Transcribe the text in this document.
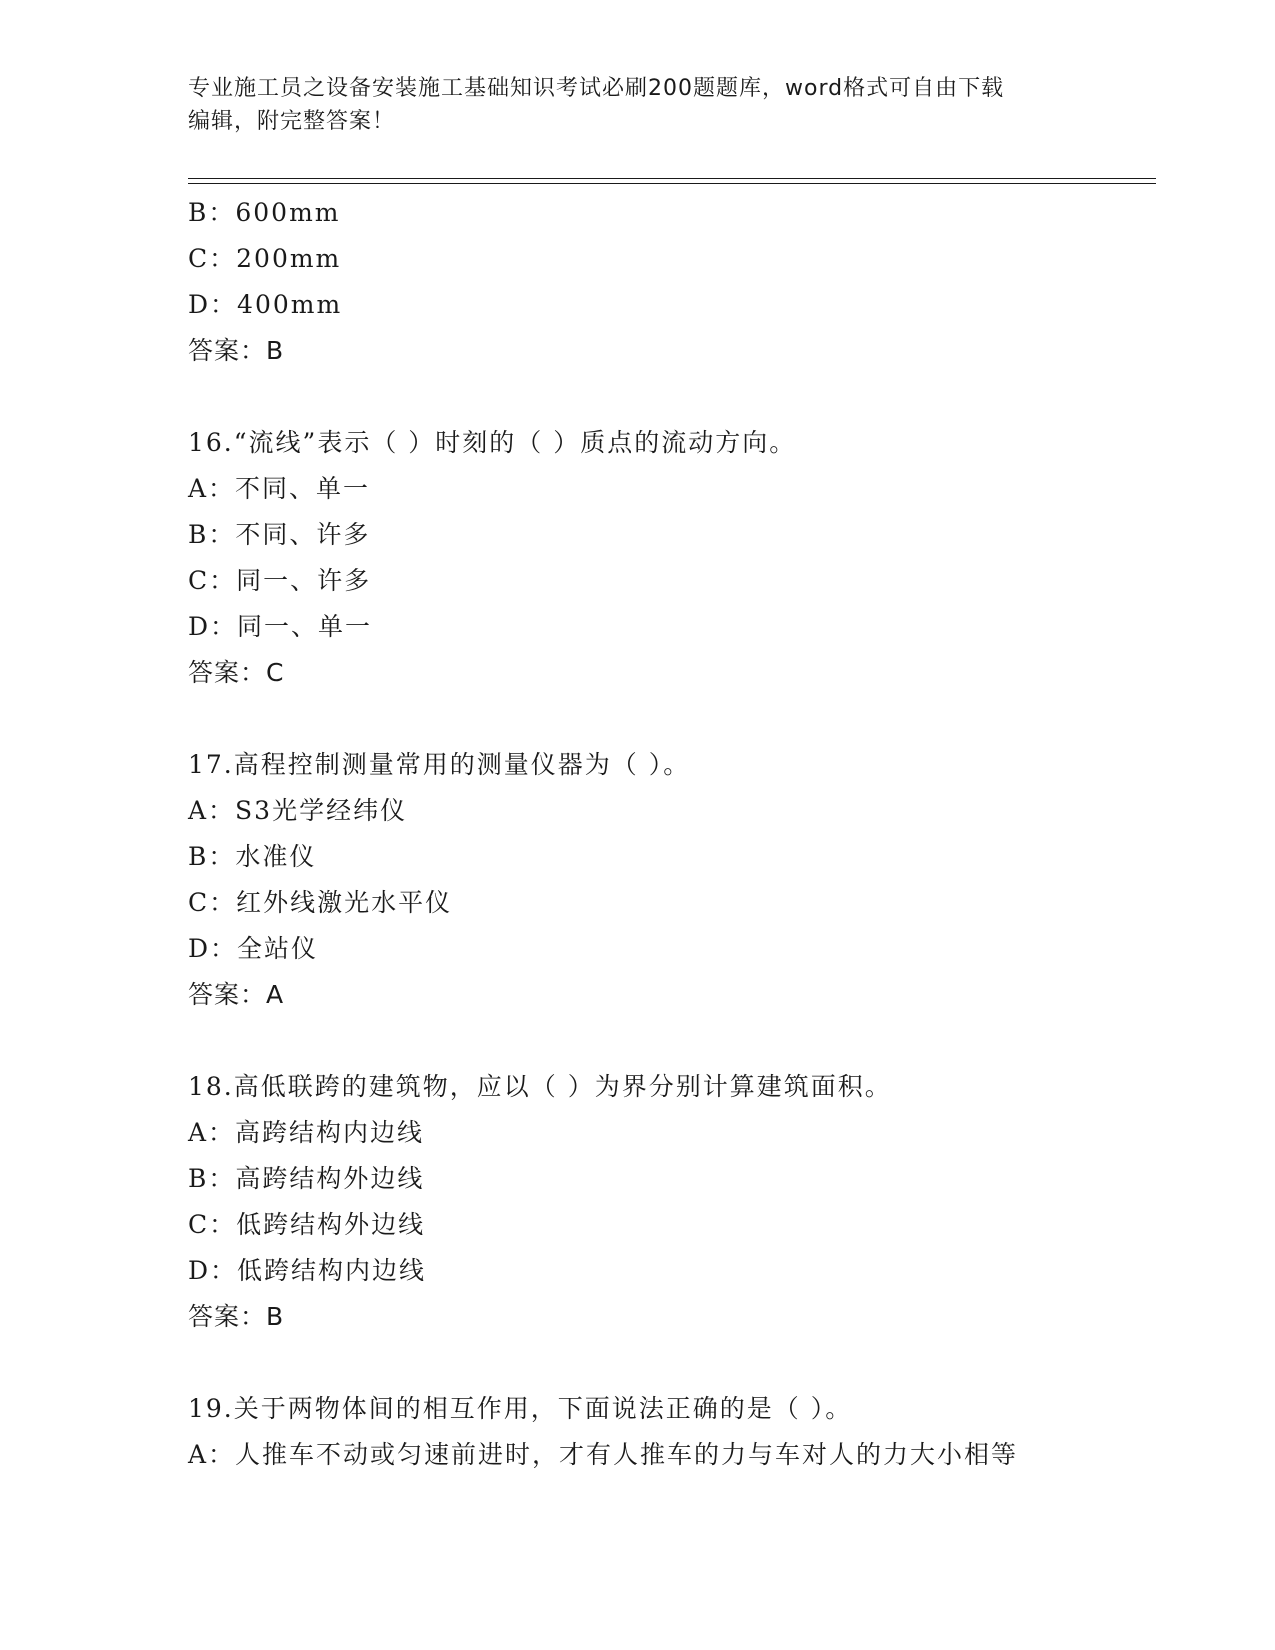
专业施工员之设备安装施工基础知识考试必刷200题题库，word格式可自由下载
编辑，附完整答案！
B：600mm
C：200mm
D：400mm
答案：B
16.“流线”表示（ ）时刻的（ ）质点的流动方向。
A：不同、单一
B：不同、许多
C：同一、许多
D：同一、单一
答案：C
17.高程控制测量常用的测量仪器为（ ）。
A：S3光学经纬仪
B：水准仪
C：红外线激光水平仪
D：全站仪
答案：A
18.高低联跨的建筑物，应以（ ）为界分别计算建筑面积。
A：高跨结构内边线
B：高跨结构外边线
C：低跨结构外边线
D：低跨结构内边线
答案：B
19.关于两物体间的相互作用，下面说法正确的是（ ）。
A：人推车不动或匀速前进时，才有人推车的力与车对人的力大小相等
